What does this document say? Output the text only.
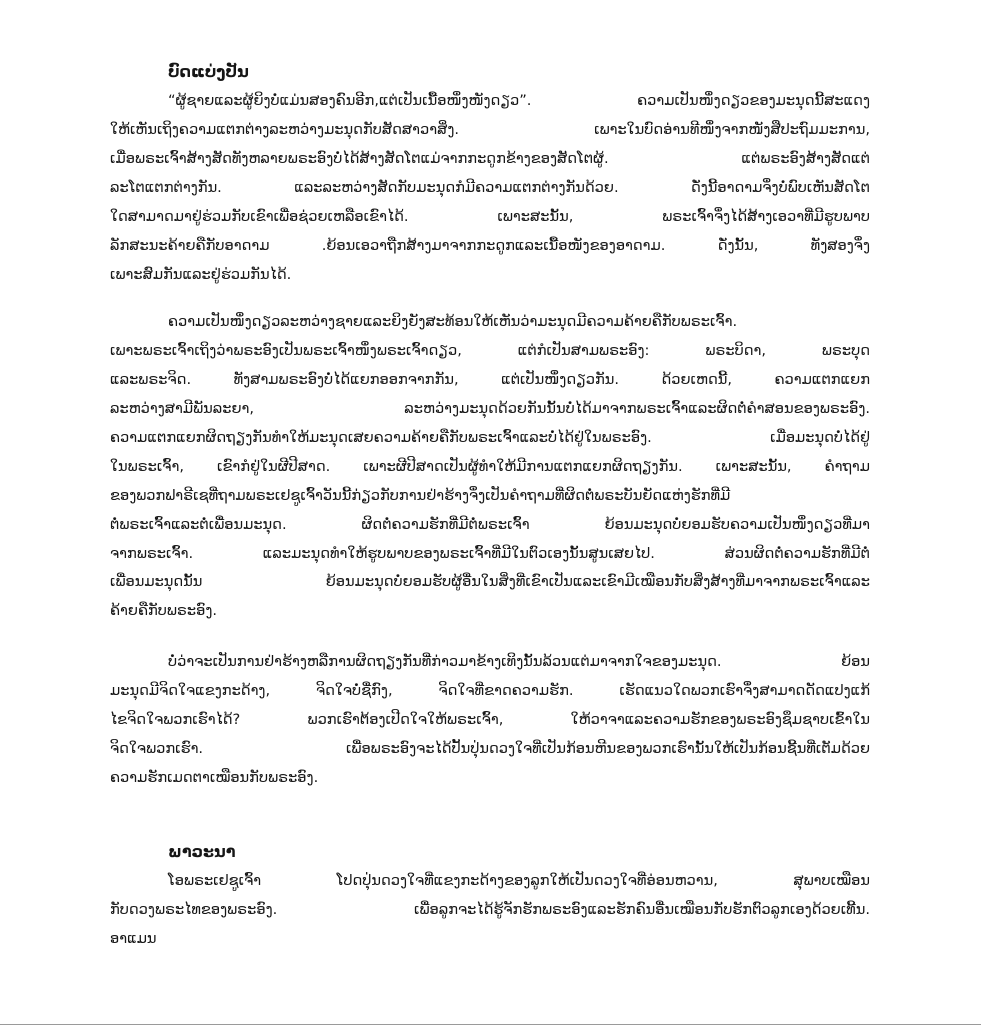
ບົດແບ່ງປັນ
“ຜູ້ຊາຍແລະຜູ້ຍິງບໍ່ແມ່ນສອງຄົນອີກ,ແຕ່ເປັນເນື້ອໜຶ່ງໜັງດຽວ”. ຄວາມເປັນໜຶ່ງດຽວຂອງມະນຸດນີ້ສະແດງ
ໃຫ້ເຫັນເຖິງຄວາມແຕກຕ່າງລະຫວ່າງມະນຸດກັບສັດສາວາສິ່ງ. ເພາະໃນບົດອ່ານທີໜຶ່ງຈາກໜັງສືປະຖົມມະການ,
ເມື່ອພຣະເຈົ້າສ້າງສັດທັງຫລາຍພຣະອົງບໍ່ໄດ້ສ້າງສັດໂຕແມ່ຈາກກະດູກຂ້າງຂອງສັດໂຕຜູ້. ແຕ່ພຣະອົງສ້າງສັດແຕ່
ລະໂຕແຕກຕ່າງກັນ. ແລະລະຫວ່າງສັດກັບມະນຸດກໍມີຄວາມແຕກຕ່າງກັນດ້ວຍ. ດັ່ງນີ້ອາດາມຈຶ່ງບໍ່ພົບເຫັນສັດໂຕ
ໃດສາມາດມາຢູ່ຮ່ວມກັບເຂົາເພື່ອຊ່ວຍເຫລືອເຂົາໄດ້. ເພາະສະນັ້ນ, ພຣະເຈົ້າຈຶ່ງໄດ້ສ້າງເອວາທີ່ມີຮູບພາບ
ລັກສະນະຄ້າຍຄືກັບອາດາມ .ຍ້ອນເອວາຖືກສ້າງມາຈາກກະດູກແລະເນື້ອໜັງຂອງອາດາມ. ດັ່ງນັ້ນ, ທັງສອງຈຶ່ງ
ເພາະສົມກັນແລະຢູ່ຮ່ວມກັນໄດ້.
ຄວາມເປັນໜຶ່ງດຽວລະຫວ່າງຊາຍແລະຍິງຍັງສະທ້ອນໃຫ້ເຫັນວ່າມະນຸດມີຄວາມຄ້າຍຄືກັບພຣະເຈົ້າ.
ເພາະພຣະເຈົ້າເຖິງວ່າພຣະອົງເປັນພຣະເຈົ້າໜຶ່ງພຣະເຈົ້າດຽວ, ແຕ່ກໍເປັນສາມພຣະອົງ: ພຣະບິດາ, ພຣະບຸດ
ແລະພຣະຈິດ. ທັງສາມພຣະອົງບໍ່ໄດ້ແຍກອອກຈາກກັນ, ແຕ່ເປັນໜຶ່ງດຽວກັນ. ດ້ວຍເຫດນີ້, ຄວາມແຕກແຍກ
ລະຫວ່າງສາມີພັນລະຍາ, ລະຫວ່າງມະນຸດດ້ວຍກັນນັ້ນບໍ່ໄດ້ມາຈາກພຣະເຈົ້າແລະຜິດຕໍ່ຄຳສອນຂອງພຣະອົງ.
ຄວາມແຕກແຍກຜິດຖຽງກັນທຳໃຫ້ມະນຸດເສຍຄວາມຄ້າຍຄືກັບພຣະເຈົ້າແລະບໍ່ໄດ້ຢູ່ໃນພຣະອົງ. ເມື່ອມະນຸດບໍ່ໄດ້ຢູ່
ໃນພຣະເຈົ້າ, ເຂົາກໍຢູ່ໃນຜີປີສາດ. ເພາະຜີປີສາດເປັນຜູ້ທຳໃຫ້ມີການແຕກແຍກຜິດຖຽງກັນ. ເພາະສະນັ້ນ, ຄຳຖາມ
ຂອງພວກຟາຣີເຊທີ່ຖາມພຣະເຢຊູເຈົ້າວັນນີ້ກ່ຽວກັບການຢ່າຮ້າງຈຶ່ງເປັນຄຳຖາມທີ່ຜິດຕໍ່ພຣະບັນຍັດແຫ່ງຮັກທີ່ມີ
ຕໍ່ພຣະເຈົ້າແລະຕໍ່ເພື່ອນມະນຸດ. ຜິດຕໍ່ຄວາມຮັກທີ່ມີຕໍ່ພຣະເຈົ້າ ຍ້ອນມະນຸດບໍ່ຍອມຮັບຄວາມເປັນໜຶ່ງດຽວທີ່ມາ
ຈາກພຣະເຈົ້າ. ແລະມະນຸດທຳໃຫ້ຮູບພາບຂອງພຣະເຈົ້າທີ່ມີໃນຕົວເອງນັ້ນສູນເສຍໄປ. ສ່ວນຜິດຕໍ່ຄວາມຮັກທີ່ມີຕໍ່
ເພື່ອນມະນຸດນັ້ນ ຍ້ອນມະນຸດບໍ່ຍອມຮັບຜູ້ອື່ນໃນສິ່ງທີ່ເຂົາເປັນແລະເຂົາມີເໝືອນກັບສິ່ງສ້າງທີ່ມາຈາກພຣະເຈົ້າແລະ
ຄ້າຍຄືກັບພຣະອົງ.
ບໍ່ວ່າຈະເປັນການຢ່າຮ້າງຫລືການຜິດຖຽງກັນທີ່ກ່າວມາຂ້າງເທິງນັ້ນລ້ວນແຕ່ມາຈາກໃຈຂອງມະນຸດ. ຍ້ອນ
ມະນຸດມີຈິດໃຈແຂງກະດ້າງ, ຈິດໃຈບໍ່ຊື່ກົງ, ຈິດໃຈທີ່ຂາດຄວາມຮັກ. ເຮັດແນວໃດພວກເຮົາຈຶ່ງສາມາດດັດແປງແກ້
ໄຂຈິດໃຈພວກເຮົາໄດ້? ພວກເຮົາຕ້ອງເປີດໃຈໃຫ້ພຣະເຈົ້າ, ໃຫ້ວາຈາແລະຄວາມຮັກຂອງພຣະອົງຊຶມຊາບເຂົ້າໃນ
ຈິດໃຈພວກເຮົາ. ເພື່ອພຣະອົງຈະໄດ້ປັ້ນປຸ່ນດວງໃຈທີ່ເປັນກ້ອນຫີນຂອງພວກເຮົານັ້ນໃຫ້ເປັນກ້ອນຊີ້ນທີ່ເຕັມດ້ວຍ
ຄວາມຮັກເມດຕາເໝືອນກັບພຣະອົງ.
ພາວະນາ
ໂອພຣະເຢຊູເຈົ້າ ໂປດປຸ່ນດວງໃຈທີ່ແຂງກະດ້າງຂອງລູກໃຫ້ເປັນດວງໃຈທີ່ອ່ອນຫວານ, ສຸພາບເໝືອນ
ກັບດວງພຣະໄທຂອງພຣະອົງ. ເພື່ອລູກຈະໄດ້ຮູ້ຈັກຮັກພຣະອົງແລະຮັກຄົນອື່ນເໝືອນກັບຮັກຕົວລູກເອງດ້ວຍເທີ້ນ.
ອາແມນ
